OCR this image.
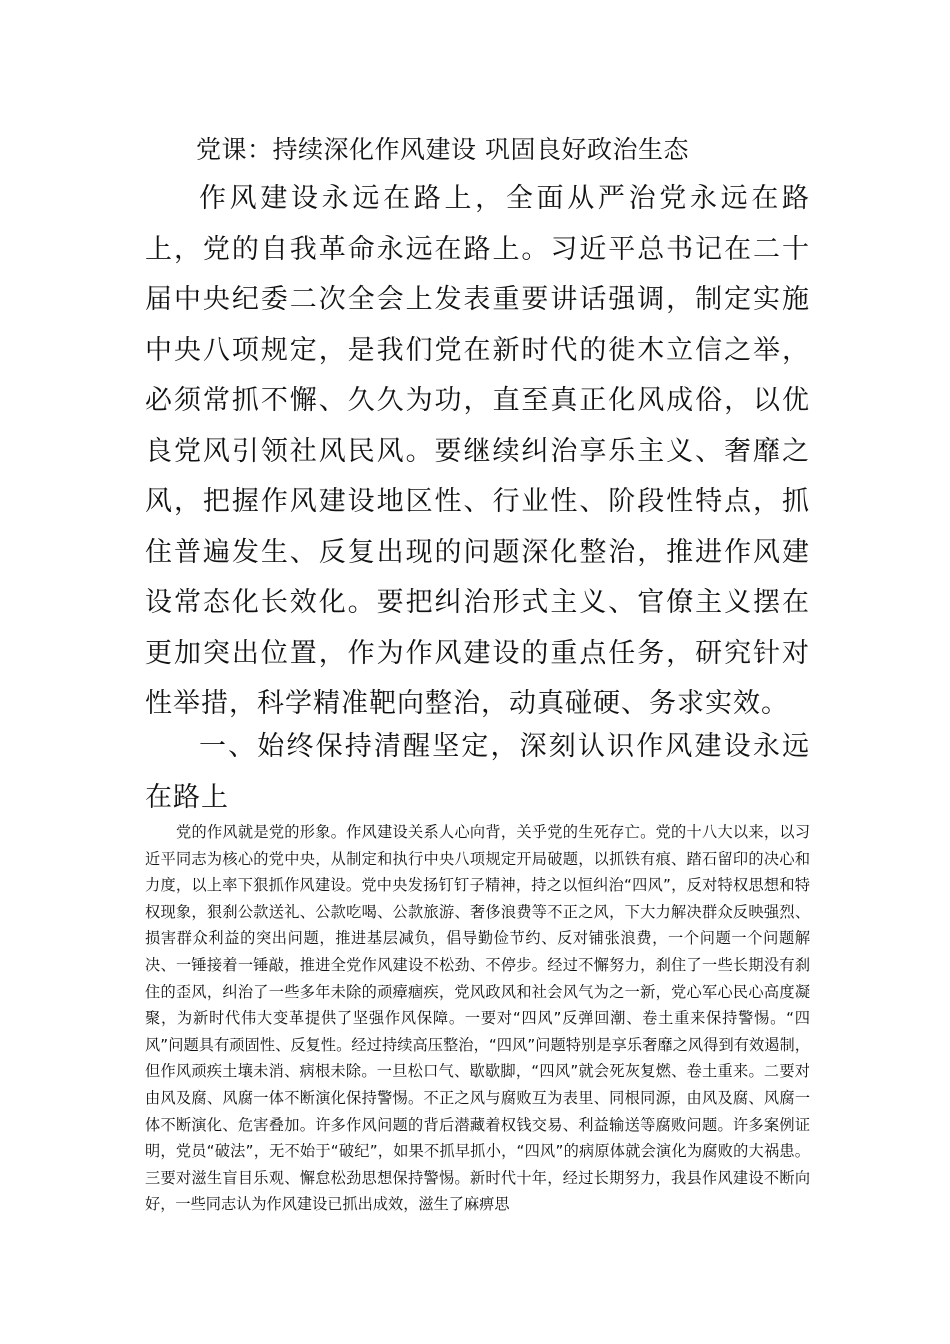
党课：持续深化作风建设 巩固良好政治生态

作风建设永远在路上，全面从严治党永远在路上，党的自我革命永远在路上。习近平总书记在二十届中央纪委二次全会上发表重要讲话强调，制定实施中央八项规定，是我们党在新时代的徙木立信之举，必须常抓不懈、久久为功，直至真正化风成俗，以优良党风引领社风民风。要继续纠治享乐主义、奢靡之风，把握作风建设地区性、行业性、阶段性特点，抓住普遍发生、反复出现的问题深化整治，推进作风建设常态化长效化。要把纠治形式主义、官僚主义摆在更加突出位置，作为作风建设的重点任务，研究针对性举措，科学精准靶向整治，动真碰硬、务求实效。

一、始终保持清醒坚定，深刻认识作风建设永远在路上

党的作风就是党的形象。作风建设关系人心向背，关乎党的生死存亡。党的十八大以来，以习近平同志为核心的党中央，从制定和执行中央八项规定开局破题，以抓铁有痕、踏石留印的决心和力度，以上率下狠抓作风建设。党中央发扬钉钉子精神，持之以恒纠治“四风”，反对特权思想和特权现象，狠刹公款送礼、公款吃喝、公款旅游、奢侈浪费等不正之风，下大力解决群众反映强烈、损害群众利益的突出问题，推进基层减负，倡导勤俭节约、反对铺张浪费，一个问题一个问题解决、一锤接着一锤敲，推进全党作风建设不松劲、不停步。经过不懈努力，刹住了一些长期没有刹住的歪风，纠治了一些多年未除的顽瘴痼疾，党风政风和社会风气为之一新，党心军心民心高度凝聚，为新时代伟大变革提供了坚强作风保障。一要对“四风”反弹回潮、卷土重来保持警惕。“四风”问题具有顽固性、反复性。经过持续高压整治，“四风”问题特别是享乐奢靡之风得到有效遏制，但作风顽疾土壤未消、病根未除。一旦松口气、歇歇脚，“四风”就会死灰复燃、卷土重来。二要对由风及腐、风腐一体不断演化保持警惕。不正之风与腐败互为表里、同根同源，由风及腐、风腐一体不断演化、危害叠加。许多作风问题的背后潜藏着权钱交易、利益输送等腐败问题。许多案例证明，党员“破法”，无不始于“破纪”，如果不抓早抓小，“四风”的病原体就会演化为腐败的大祸患。三要对滋生盲目乐观、懈怠松劲思想保持警惕。新时代十年，经过长期努力，我县作风建设不断向好，一些同志认为作风建设已抓出成效，滋生了麻痹思
